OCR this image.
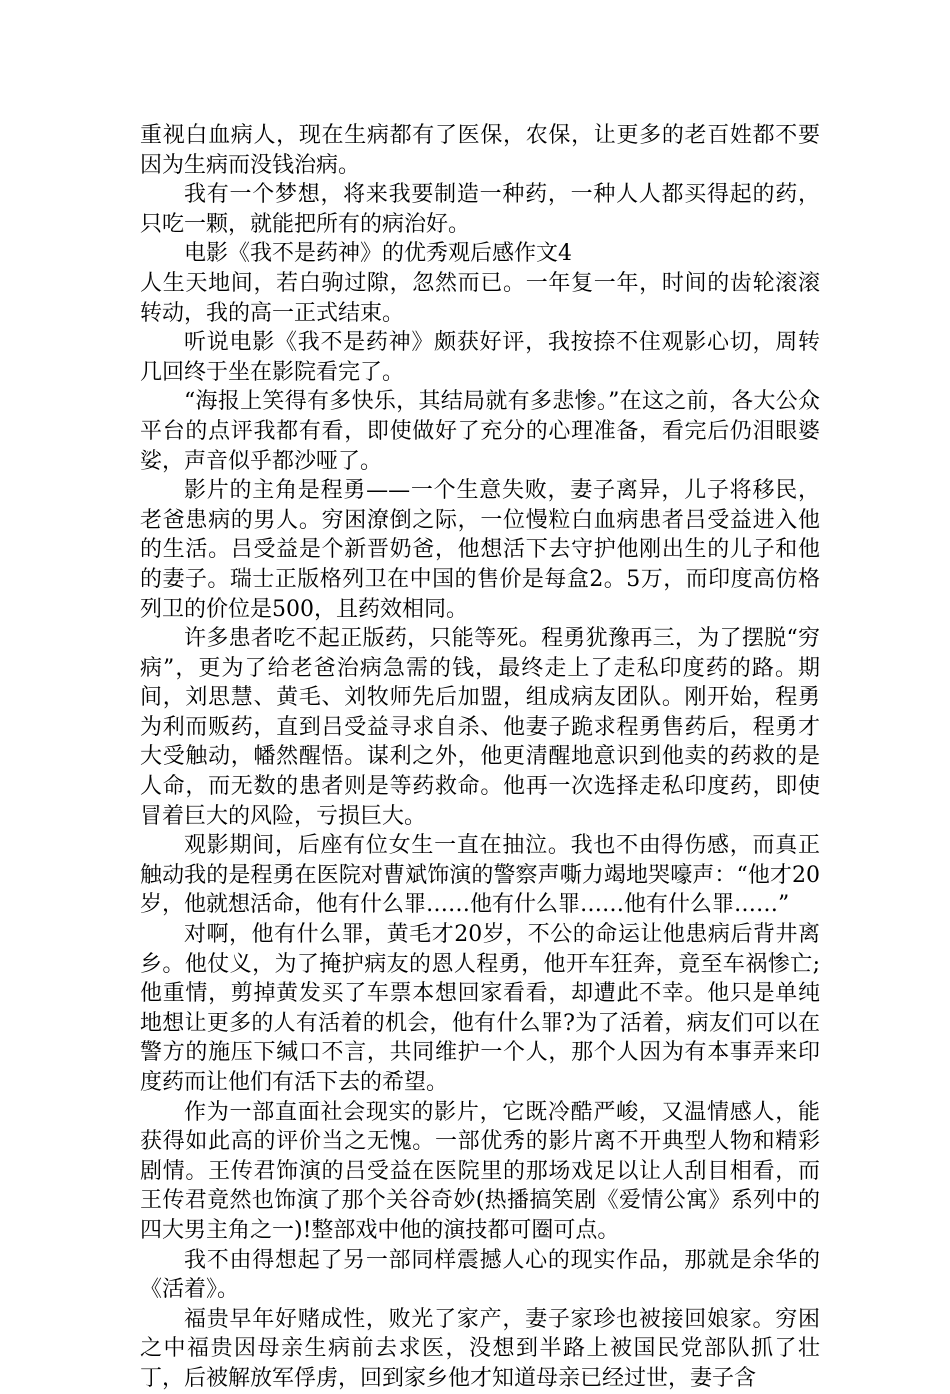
重视白血病人，现在生病都有了医保，农保，让更多的老百姓都不要因为生病而没钱治病。

我有一个梦想，将来我要制造一种药，一种人人都买得起的药，只吃一颗，就能把所有的病治好。

电影《我不是药神》的优秀观后感作文4

人生天地间，若白驹过隙，忽然而已。一年复一年，时间的齿轮滚滚转动，我的高一正式结束。

听说电影《我不是药神》颇获好评，我按捺不住观影心切，周转几回终于坐在影院看完了。

“海报上笑得有多快乐，其结局就有多悲惨。”在这之前，各大公众平台的点评我都有看，即使做好了充分的心理准备，看完后仍泪眼婆娑，声音似乎都沙哑了。

影片的主角是程勇——一个生意失败，妻子离异，儿子将移民，老爸患病的男人。穷困潦倒之际，一位慢粒白血病患者吕受益进入他的生活。吕受益是个新晋奶爸，他想活下去守护他刚出生的儿子和他的妻子。瑞士正版格列卫在中国的售价是每盒2。5万，而印度高仿格列卫的价位是500，且药效相同。

许多患者吃不起正版药，只能等死。程勇犹豫再三，为了摆脱“穷病”，更为了给老爸治病急需的钱，最终走上了走私印度药的路。期间，刘思慧、黄毛、刘牧师先后加盟，组成病友团队。刚开始，程勇为利而贩药，直到吕受益寻求自杀、他妻子跪求程勇售药后，程勇才大受触动，幡然醒悟。谋利之外，他更清醒地意识到他卖的药救的是人命，而无数的患者则是等药救命。他再一次选择走私印度药，即使冒着巨大的风险，亏损巨大。

观影期间，后座有位女生一直在抽泣。我也不由得伤感，而真正触动我的是程勇在医院对曹斌饰演的警察声嘶力竭地哭嚎声：“他才20岁，他就想活命，他有什么罪……他有什么罪……他有什么罪……”

对啊，他有什么罪，黄毛才20岁，不公的命运让他患病后背井离乡。他仗义，为了掩护病友的恩人程勇，他开车狂奔，竟至车祸惨亡;他重情，剪掉黄发买了车票本想回家看看，却遭此不幸。他只是单纯地想让更多的人有活着的机会，他有什么罪?为了活着，病友们可以在警方的施压下缄口不言，共同维护一个人，那个人因为有本事弄来印度药而让他们有活下去的希望。

作为一部直面社会现实的影片，它既冷酷严峻，又温情感人，能获得如此高的评价当之无愧。一部优秀的影片离不开典型人物和精彩剧情。王传君饰演的吕受益在医院里的那场戏足以让人刮目相看，而王传君竟然也饰演了那个关谷奇妙(热播搞笑剧《爱情公寓》系列中的四大男主角之一)!整部戏中他的演技都可圈可点。

我不由得想起了另一部同样震撼人心的现实作品，那就是余华的《活着》。

福贵早年好赌成性，败光了家产，妻子家珍也被接回娘家。穷困之中福贵因母亲生病前去求医，没想到半路上被国民党部队抓了壮丁，后被解放军俘虏，回到家乡他才知道母亲已经过世，妻子含
